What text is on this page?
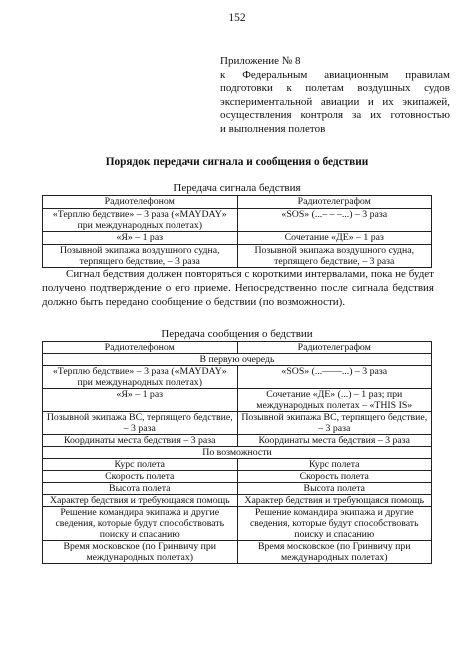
152
Приложение № 8
к Федеральным авиационным правилам
подготовки к полетам воздушных судов
экспериментальной авиации и их экипажей,
осуществления контроля за их готовностью
и выполнения полетов
Порядок передачи сигнала и сообщения о бедствии
Передача сигнала бедствия
Радиотелефоном	Радиотелеграфом
«Терплю бедствие» – 3 раза («MAYDAY» при международных полетах)	«SOS» (...– – –...) – 3 раза
«Я» – 1 раз	Сочетание «ДЕ» – 1 раз
Позывной экипажа воздушного судна, терпящего бедствие, – 3 раза	Позывной экипажа воздушного судна, терпящего бедствие, – 3 раза

Сигнал бедствия должен повторяться с короткими интервалами, пока не будет получено подтверждение о его приеме. Непосредственно после сигнала бедствия должно быть передано сообщение о бедствии (по возможности).

Передача сообщения о бедствии
Радиотелефоном	Радиотелеграфом
В первую очередь	
«Терплю бедствие» – 3 раза («MAYDAY» при международных полетах)	«SOS» (...––––...) – 3 раза
«Я» – 1 раз	Сочетание «ДЕ» (...) – 1 раз; при международных полетах – «THIS IS»
Позывной экипажа ВС, терпящего бедствие, – 3 раза	Позывной экипажа ВС, терпящего бедствие, – 3 раза
Координаты места бедствия – 3 раза	Координаты места бедствия – 3 раза
По возможности	
Курс полета	Курс полета
Скорость полета	Скорость полета
Высота полета	Высота полета
Характер бедствия и требующаяся помощь	Характер бедствия и требующаяся помощь
Решение командира экипажа и другие сведения, которые будут способствовать поиску и спасанию	Решение командира экипажа и другие сведения, которые будут способствовать поиску и спасанию
Время московское (по Гринвичу при международных полетах)	Время московское (по Гринвичу при международных полетах)
